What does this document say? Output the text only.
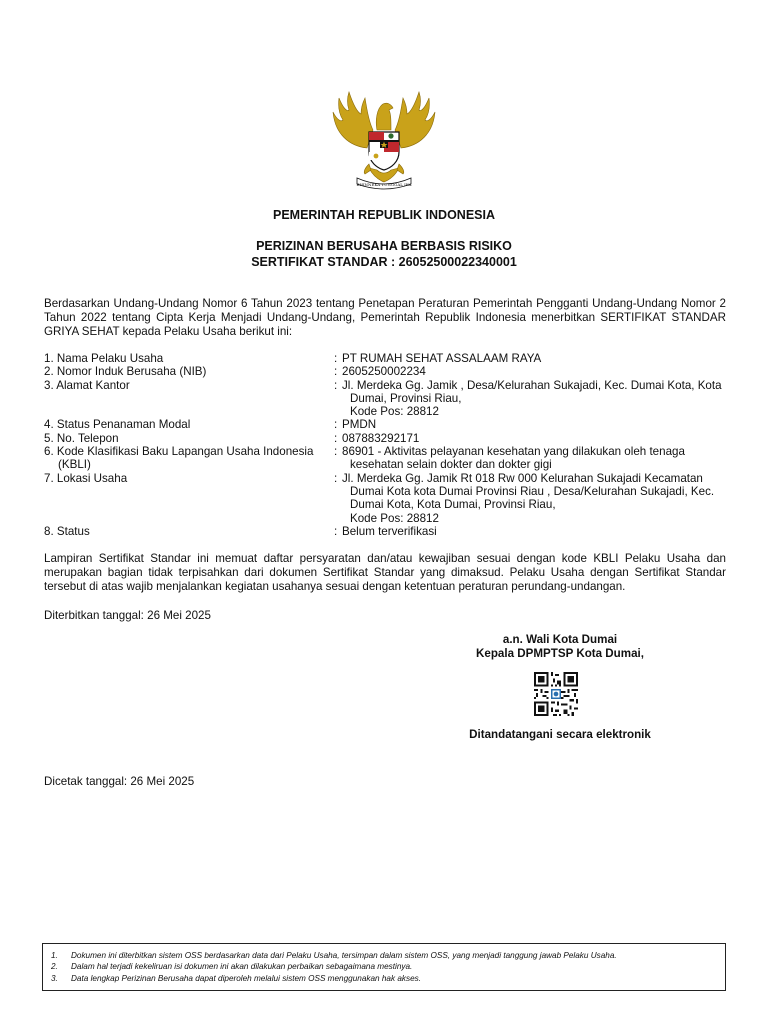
BHINNEKA TUNGGAL IKA
PEMERINTAH REPUBLIK INDONESIA
PERIZINAN BERUSAHA BERBASIS RISIKO
SERTIFIKAT STANDAR : 26052500022340001

Berdasarkan Undang-Undang Nomor 6 Tahun 2023 tentang Penetapan Peraturan Pemerintah Pengganti Undang-Undang Nomor 2 Tahun 2022 tentang Cipta Kerja Menjadi Undang-Undang, Pemerintah Republik Indonesia menerbitkan SERTIFIKAT STANDAR GRIYA SEHAT kepada Pelaku Usaha berikut ini:

1. Nama Pelaku Usaha	: PT RUMAH SEHAT ASSALAAM RAYA
2. Nomor Induk Berusaha (NIB)	: 2605250002234
3. Alamat Kantor	: Jl. Merdeka Gg. Jamik , Desa/Kelurahan Sukajadi, Kec. Dumai Kota, Kota Dumai, Provinsi Riau,
Kode Pos: 28812
4. Status Penanaman Modal	: PMDN
5. No. Telepon	: 087883292171
6. Kode Klasifikasi Baku Lapangan Usaha Indonesia (KBLI)
: 86901 - Aktivitas pelayanan kesehatan yang dilakukan oleh tenaga kesehatan selain dokter dan dokter gigi
7. Lokasi Usaha	: Jl. Merdeka Gg. Jamik Rt 018 Rw 000 Kelurahan Sukajadi Kecamatan Dumai Kota kota Dumai Provinsi Riau , Desa/Kelurahan Sukajadi, Kec. Dumai Kota, Kota Dumai, Provinsi Riau,
Kode Pos: 28812
8. Status	: Belum terverifikasi

Lampiran Sertifikat Standar ini memuat daftar persyaratan dan/atau kewajiban sesuai dengan kode KBLI Pelaku Usaha dan merupakan bagian tidak terpisahkan dari dokumen Sertifikat Standar yang dimaksud. Pelaku Usaha dengan Sertifikat Standar tersebut di atas wajib menjalankan kegiatan usahanya sesuai dengan ketentuan peraturan perundang-undangan.

Diterbitkan tanggal: 26 Mei 2025
a.n. Wali Kota Dumai
Kepala DPMPTSP Kota Dumai,
Ditandatangani secara elektronik
Dicetak tanggal: 26 Mei 2025
1.	Dokumen ini diterbitkan sistem OSS berdasarkan data dari Pelaku Usaha, tersimpan dalam sistem OSS, yang menjadi tanggung jawab Pelaku Usaha.
2.	Dalam hal terjadi kekeliruan isi dokumen ini akan dilakukan perbaikan sebagaimana mestinya.
3.	Data lengkap Perizinan Berusaha dapat diperoleh melalui sistem OSS menggunakan hak akses.
